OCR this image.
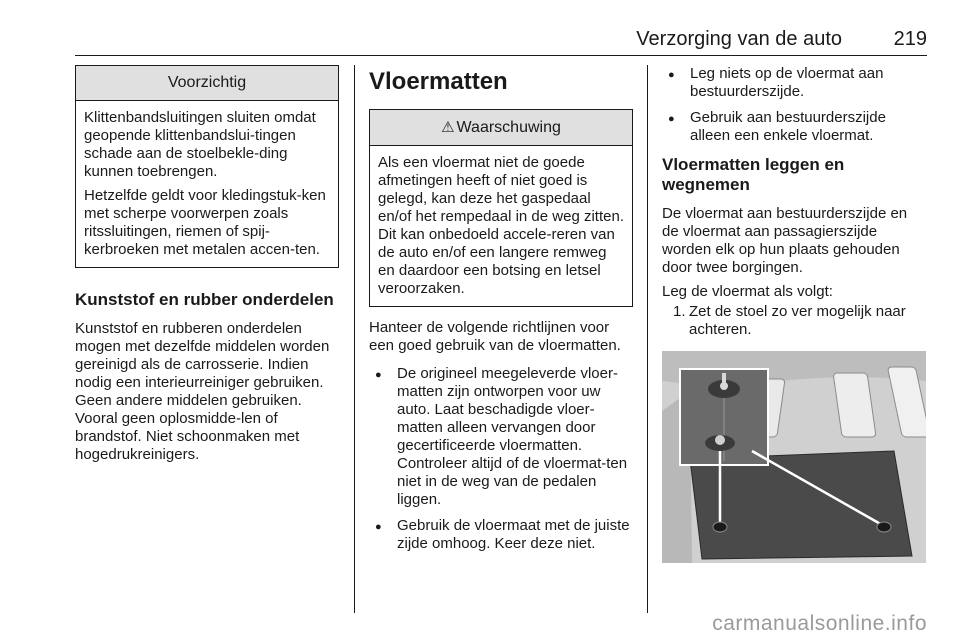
Verzorging van de auto	219
Voorzichtig

Klittenbandsluitingen sluiten omdat geopende klittenbandslui-tingen schade aan de stoelbekle-ding kunnen toebrengen.

Hetzelfde geldt voor kledingstuk-ken met scherpe voorwerpen zoals ritssluitingen, riemen of spij-kerbroeken met metalen accen-ten.

Kunststof en rubber onderdelen

Kunststof en rubberen onderdelen mogen met dezelfde middelen worden gereinigd als de carrosserie. Indien nodig een interieurreiniger gebruiken. Geen andere middelen gebruiken. Vooral geen oplosmidde-len of brandstof. Niet schoonmaken met hogedrukreinigers.

Vloermatten
⚠ Waarschuwing

Als een vloermat niet de goede afmetingen heeft of niet goed is gelegd, kan deze het gaspedaal en/of het rempedaal in de weg zitten. Dit kan onbedoeld accele-reren van de auto en/of een langere remweg en daardoor een botsing en letsel veroorzaken.

Hanteer de volgende richtlijnen voor een goed gebruik van de vloermatten.

● De origineel meegeleverde vloer-matten zijn ontworpen voor uw auto. Laat beschadigde vloer-matten alleen vervangen door gecertificeerde vloermatten. Controleer altijd of de vloermat-ten niet in de weg van de pedalen liggen.
● Gebruik de vloermaat met de juiste zijde omhoog. Keer deze niet.
● Leg niets op de vloermat aan bestuurderszijde.
● Gebruik aan bestuurderszijde alleen een enkele vloermat.
Vloermatten leggen en wegnemen

De vloermat aan bestuurderszijde en de vloermat aan passagierszijde worden elk op hun plaats gehouden door twee borgingen.

Leg de vloermat als volgt:

1. Zet de stoel zo ver mogelijk naar achteren.
carmanualsonline.info
